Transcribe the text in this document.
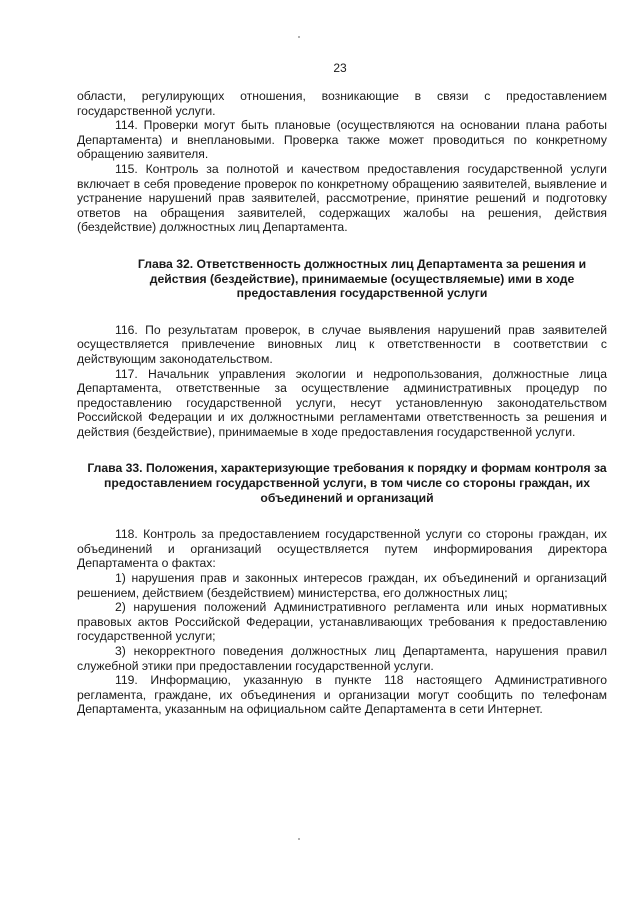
23

области, регулирующих отношения, возникающие в связи с предоставлением государственной услуги.

114. Проверки могут быть плановые (осуществляются на основании плана работы Департамента) и внеплановыми. Проверка также может проводиться по конкретному обращению заявителя.

115. Контроль за полнотой и качеством предоставления государственной услуги включает в себя проведение проверок по конкретному обращению заявителей, выявление и устранение нарушений прав заявителей, рассмотрение, принятие решений и подготовку ответов на обращения заявителей, содержащих жалобы на решения, действия (бездействие) должностных лиц Департамента.

Глава 32. Ответственность должностных лиц Департамента за решения и действия (бездействие), принимаемые (осуществляемые) ими в ходе предоставления государственной услуги

116. По результатам проверок, в случае выявления нарушений прав заявителей осуществляется привлечение виновных лиц к ответственности в соответствии с действующим законодательством.

117. Начальник управления экологии и недропользования, должностные лица Департамента, ответственные за осуществление административных процедур по предоставлению государственной услуги, несут установленную законодательством Российской Федерации и их должностными регламентами ответственность за решения и действия (бездействие), принимаемые в ходе предоставления государственной услуги.

Глава 33. Положения, характеризующие требования к порядку и формам контроля за предоставлением государственной услуги, в том числе со стороны граждан, их объединений и организаций

118. Контроль за предоставлением государственной услуги со стороны граждан, их объединений и организаций осуществляется путем информирования директора Департамента о фактах:

1) нарушения прав и законных интересов граждан, их объединений и организаций решением, действием (бездействием) министерства, его должностных лиц;

2) нарушения положений Административного регламента или иных нормативных правовых актов Российской Федерации, устанавливающих требования к предоставлению государственной услуги;

3) некорректного поведения должностных лиц Департамента, нарушения правил служебной этики при предоставлении государственной услуги.

119. Информацию, указанную в пункте 118 настоящего Административного регламента, граждане, их объединения и организации могут сообщить по телефонам Департамента, указанным на официальном сайте Департамента в сети Интернет.
